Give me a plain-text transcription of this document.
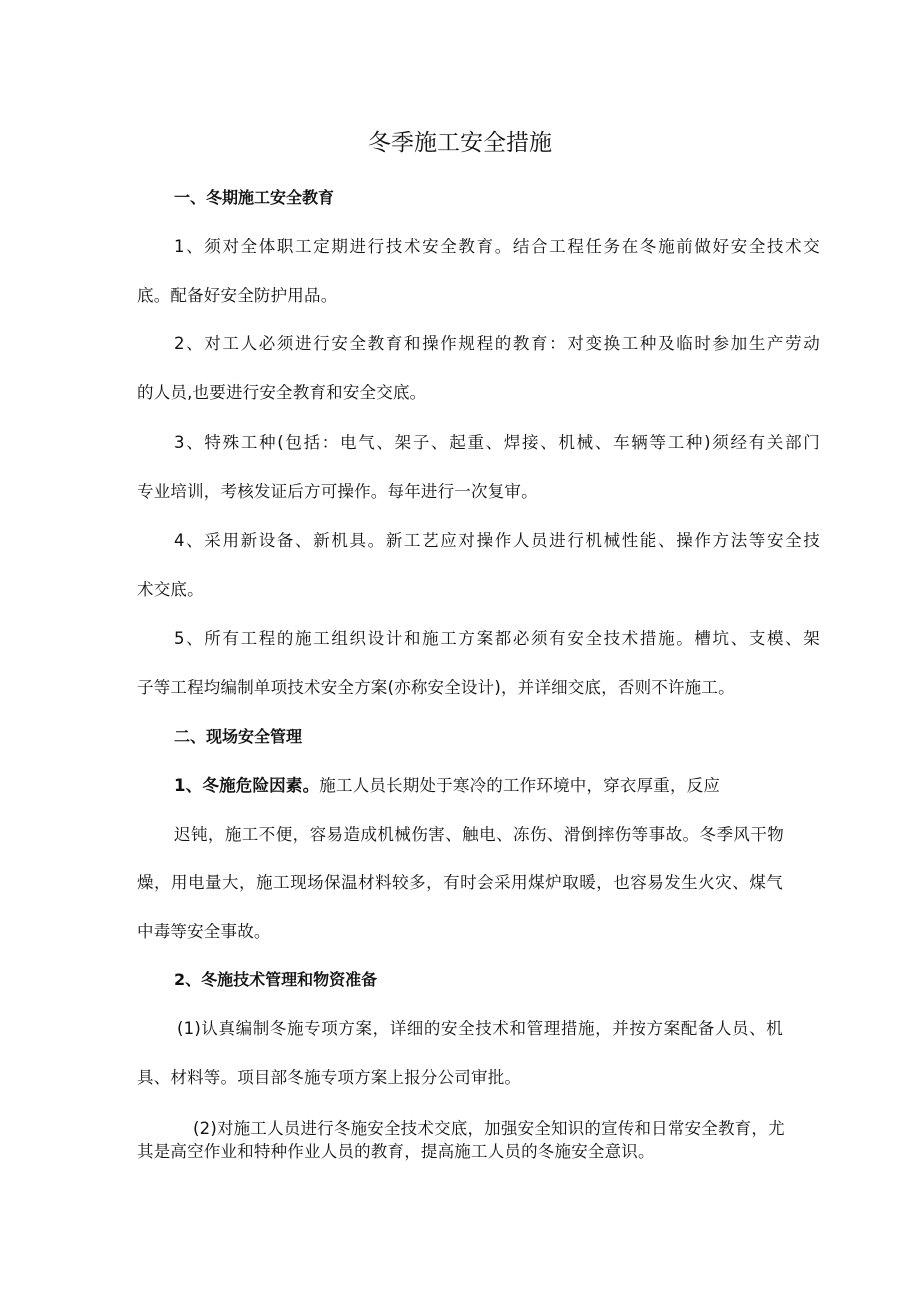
冬季施工安全措施
一、冬期施工安全教育

1、须对全体职工定期进行技术安全教育。结合工程任务在冬施前做好安全技术交

底。配备好安全防护用品。

2、对工人必须进行安全教育和操作规程的教育：对变换工种及临时参加生产劳动

的人员,也要进行安全教育和安全交底。

3、特殊工种(包括：电气、架子、起重、焊接、机械、车辆等工种)须经有关部门

专业培训，考核发证后方可操作。每年进行一次复审。

4、采用新设备、新机具。新工艺应对操作人员进行机械性能、操作方法等安全技

术交底。

5、所有工程的施工组织设计和施工方案都必须有安全技术措施。槽坑、支模、架

子等工程均编制单项技术安全方案(亦称安全设计)，并详细交底，否则不许施工。

二、现场安全管理

1、冬施危险因素。施工人员长期处于寒冷的工作环境中，穿衣厚重，反应

迟钝，施工不便，容易造成机械伤害、触电、冻伤、滑倒摔伤等事故。冬季风干物

燥，用电量大，施工现场保温材料较多，有时会采用煤炉取暖，也容易发生火灾、煤气

中毒等安全事故。

2、冬施技术管理和物资准备

(1)认真编制冬施专项方案，详细的安全技术和管理措施，并按方案配备人员、机

具、材料等。项目部冬施专项方案上报分公司审批。

(2)对施工人员进行冬施安全技术交底，加强安全知识的宣传和日常安全教育，尤

其是高空作业和特种作业人员的教育，提高施工人员的冬施安全意识。
